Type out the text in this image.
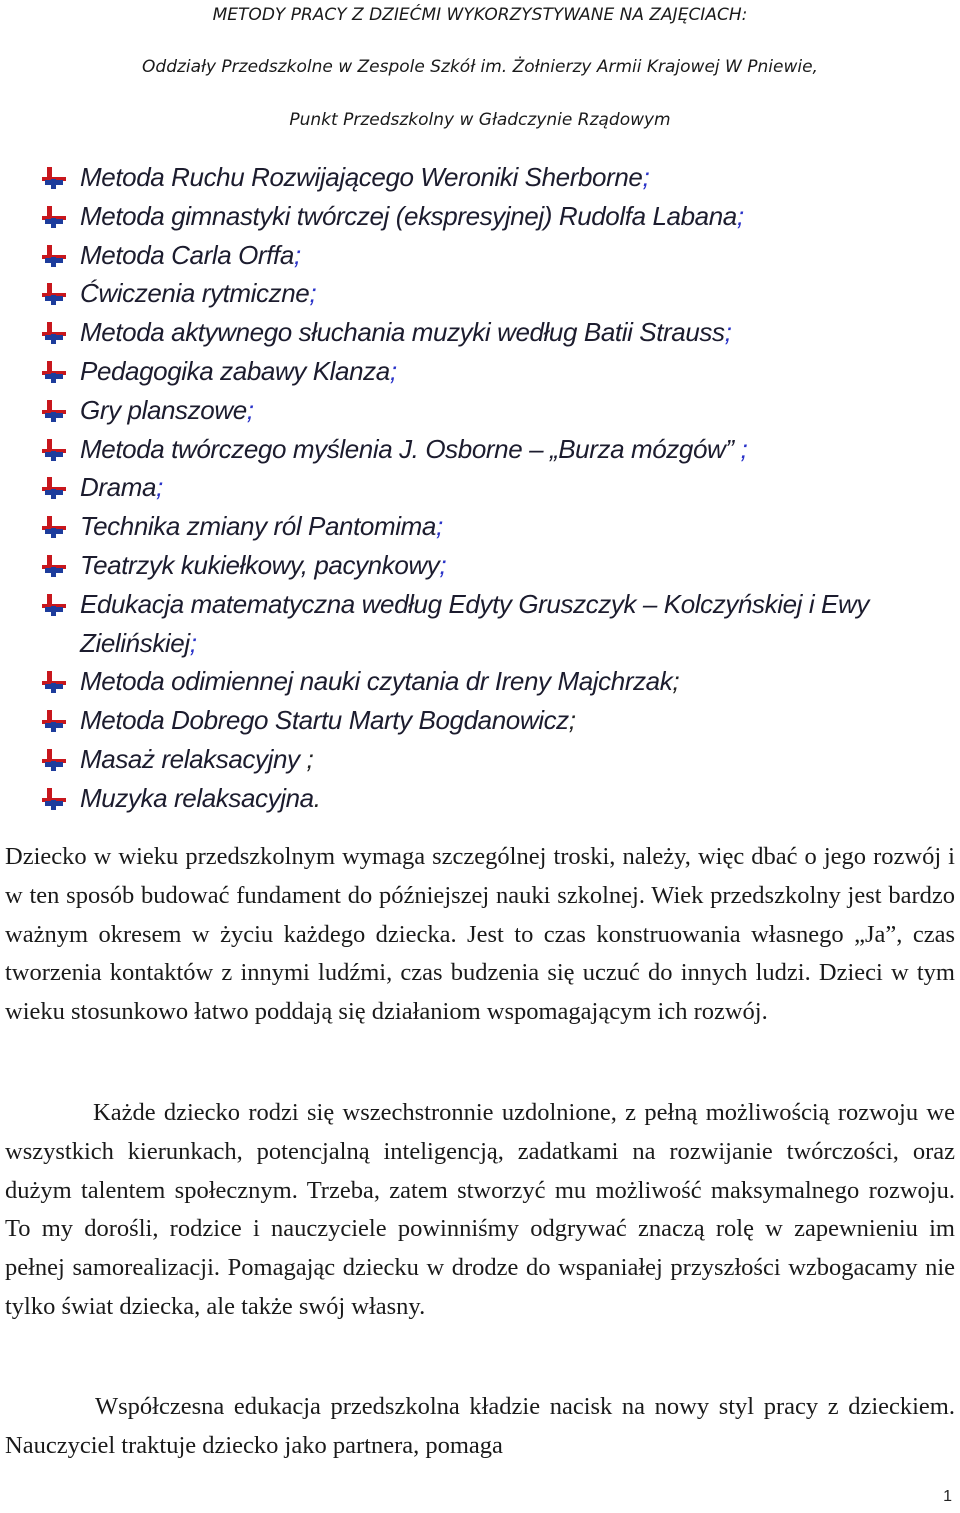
METODY PRACY Z DZIEĆMI WYKORZYSTYWANE NA ZAJĘCIACH:
Oddziały Przedszkolne w Zespole Szkół im. Żołnierzy Armii Krajowej W Pniewie,
Punkt Przedszkolny w Gładczynie Rządowym
Metoda Ruchu Rozwijającego Weroniki Sherborne;
Metoda gimnastyki twórczej (ekspresyjnej) Rudolfa Labana;
Metoda Carla Orffa;
Ćwiczenia rytmiczne;
Metoda aktywnego słuchania muzyki według Batii Strauss;
Pedagogika zabawy Klanza;
Gry planszowe;
Metoda twórczego myślenia J. Osborne – „Burza mózgów” ;
Drama;
Technika zmiany ról Pantomima;
Teatrzyk kukiełkowy, pacynkowy;
Edukacja matematyczna według Edyty Gruszczyk – Kolczyńskiej i Ewy Zielińskiej;
Metoda odimiennej nauki czytania dr Ireny Majchrzak;
Metoda Dobrego Startu Marty Bogdanowicz;
Masaż relaksacyjny ;
Muzyka relaksacyjna.

Dziecko w wieku przedszkolnym wymaga szczególnej troski, należy, więc dbać o jego rozwój i w ten sposób budować fundament do późniejszej nauki szkolnej. Wiek przedszkolny jest bardzo ważnym okresem w życiu każdego dziecka. Jest to czas konstruowania własnego „Ja”, czas tworzenia kontaktów z innymi ludźmi, czas budzenia się uczuć do innych ludzi. Dzieci w tym wieku stosunkowo łatwo poddają się działaniom wspomagającym ich rozwój.

Każde dziecko rodzi się wszechstronnie uzdolnione, z pełną możliwością rozwoju we wszystkich kierunkach, potencjalną inteligencją, zadatkami na rozwijanie twórczości, oraz dużym talentem społecznym. Trzeba, zatem stworzyć mu możliwość maksymalnego rozwoju. To my dorośli, rodzice i nauczyciele powinniśmy odgrywać znaczą rolę w zapewnieniu im pełnej samorealizacji. Pomagając dziecku w drodze do wspaniałej przyszłości wzbogacamy nie tylko świat dziecka, ale także swój własny.

Współczesna edukacja przedszkolna kładzie nacisk na nowy styl pracy z dzieckiem. Nauczyciel traktuje dziecko jako partnera, pomaga

1
